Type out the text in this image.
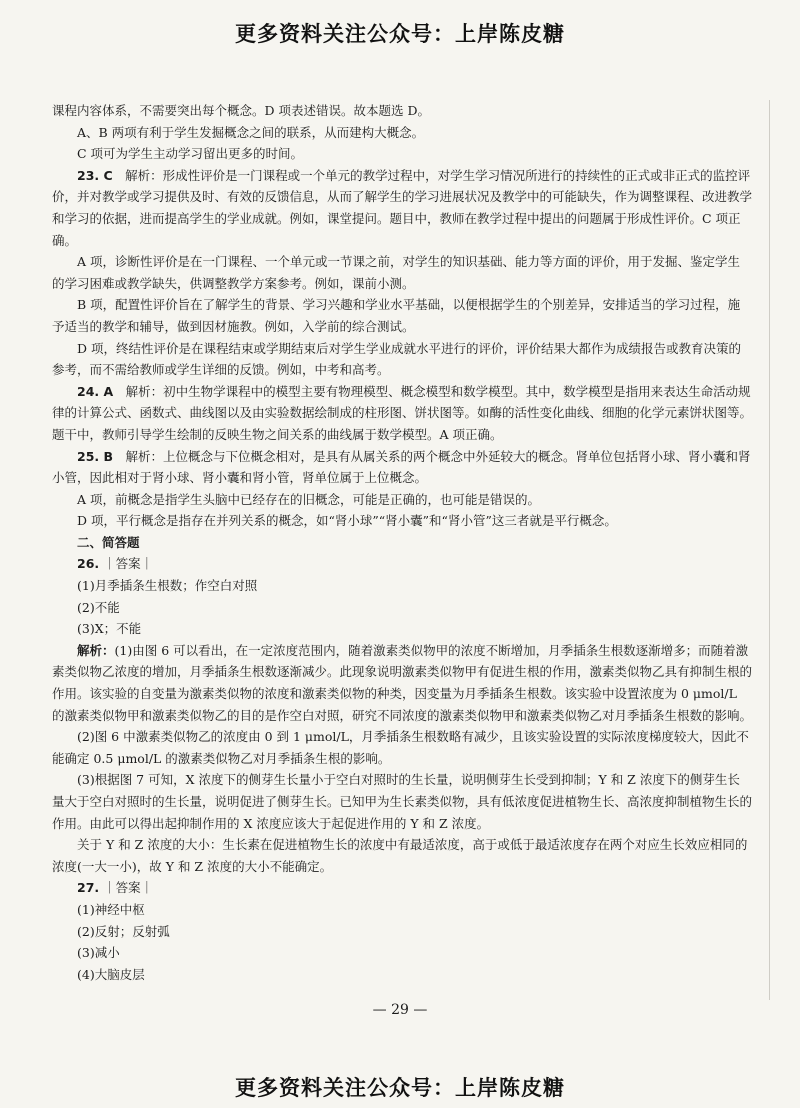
更多资料关注公众号：上岸陈皮糖

课程内容体系，不需要突出每个概念。D 项表述错误。故本题选 D。

A、B 两项有利于学生发掘概念之间的联系，从而建构大概念。

C 项可为学生主动学习留出更多的时间。

23. C　解析：形成性评价是一门课程或一个单元的教学过程中，对学生学习情况所进行的持续性的正式或非正式的监控评价，并对教学或学习提供及时、有效的反馈信息，从而了解学生的学习进展状况及教学中的可能缺失，作为调整课程、改进教学和学习的依据，进而提高学生的学业成就。例如，课堂提问。题目中，教师在教学过程中提出的问题属于形成性评价。C 项正确。

A 项，诊断性评价是在一门课程、一个单元或一节课之前，对学生的知识基础、能力等方面的评价，用于发掘、鉴定学生的学习困难或教学缺失，供调整教学方案参考。例如，课前小测。

B 项，配置性评价旨在了解学生的背景、学习兴趣和学业水平基础，以便根据学生的个别差异，安排适当的学习过程，施予适当的教学和辅导，做到因材施教。例如，入学前的综合测试。

D 项，终结性评价是在课程结束或学期结束后对学生学业成就水平进行的评价，评价结果大都作为成绩报告或教育决策的参考，而不需给教师或学生详细的反馈。例如，中考和高考。

24. A　解析：初中生物学课程中的模型主要有物理模型、概念模型和数学模型。其中，数学模型是指用来表达生命活动规律的计算公式、函数式、曲线图以及由实验数据绘制成的柱形图、饼状图等。如酶的活性变化曲线、细胞的化学元素饼状图等。题干中，教师引导学生绘制的反映生物之间关系的曲线属于数学模型。A 项正确。

25. B　解析：上位概念与下位概念相对，是具有从属关系的两个概念中外延较大的概念。肾单位包括肾小球、肾小囊和肾小管，因此相对于肾小球、肾小囊和肾小管，肾单位属于上位概念。

A 项，前概念是指学生头脑中已经存在的旧概念，可能是正确的，也可能是错误的。

D 项，平行概念是指存在并列关系的概念，如“肾小球”“肾小囊”和“肾小管”这三者就是平行概念。

二、简答题

26. ｜答案｜

(1)月季插条生根数；作空白对照

(2)不能

(3)X；不能

解析：(1)由图 6 可以看出，在一定浓度范围内，随着激素类似物甲的浓度不断增加，月季插条生根数逐渐增多；而随着激素类似物乙浓度的增加，月季插条生根数逐渐减少。此现象说明激素类似物甲有促进生根的作用，激素类似物乙具有抑制生根的作用。该实验的自变量为激素类似物的浓度和激素类似物的种类，因变量为月季插条生根数。该实验中设置浓度为 0 μmol/L 的激素类似物甲和激素类似物乙的目的是作空白对照，研究不同浓度的激素类似物甲和激素类似物乙对月季插条生根数的影响。

(2)图 6 中激素类似物乙的浓度由 0 到 1 μmol/L，月季插条生根数略有减少，且该实验设置的实际浓度梯度较大，因此不能确定 0.5 μmol/L 的激素类似物乙对月季插条生根的影响。

(3)根据图 7 可知，X 浓度下的侧芽生长量小于空白对照时的生长量，说明侧芽生长受到抑制；Y 和 Z 浓度下的侧芽生长量大于空白对照时的生长量，说明促进了侧芽生长。已知甲为生长素类似物，具有低浓度促进植物生长、高浓度抑制植物生长的作用。由此可以得出起抑制作用的 X 浓度应该大于起促进作用的 Y 和 Z 浓度。

关于 Y 和 Z 浓度的大小：生长素在促进植物生长的浓度中有最适浓度，高于或低于最适浓度存在两个对应生长效应相同的浓度(一大一小)，故 Y 和 Z 浓度的大小不能确定。

27. ｜答案｜

(1)神经中枢

(2)反射；反射弧

(3)减小

(4)大脑皮层

— 29 —
更多资料关注公众号：上岸陈皮糖
